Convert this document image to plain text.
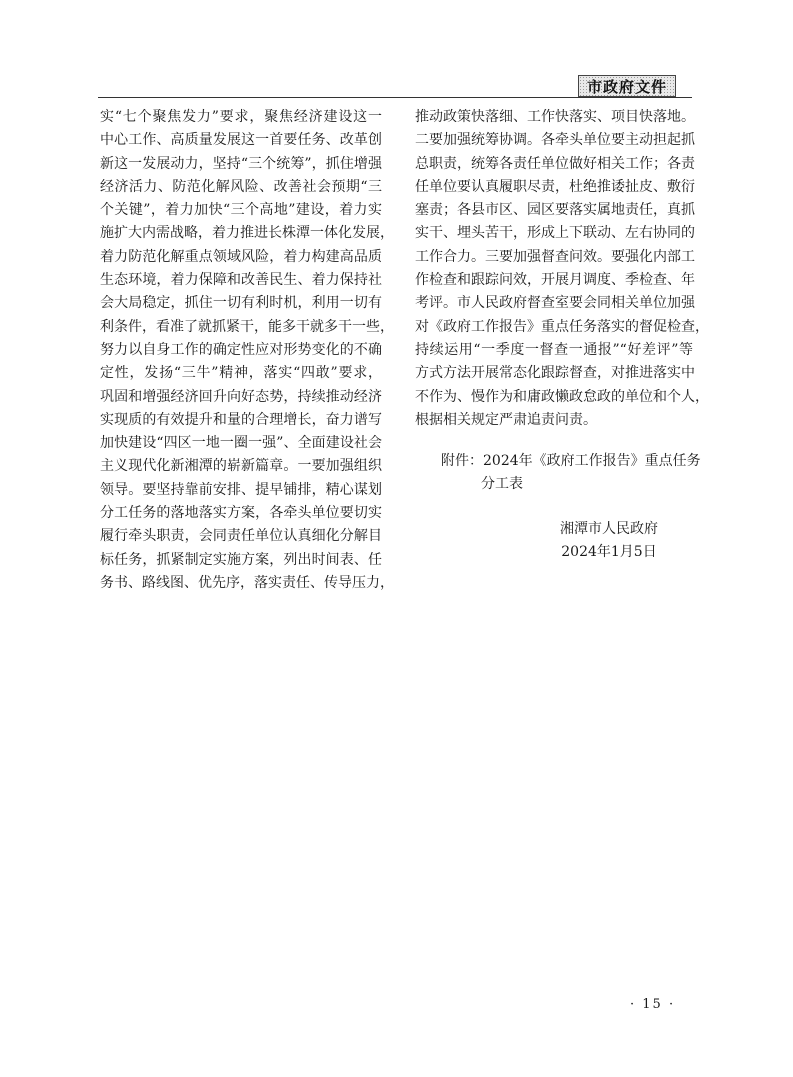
市政府文件
实“七个聚焦发力”要求，聚焦经济建设这一
中心工作、高质量发展这一首要任务、改革创
新这一发展动力，坚持“三个统筹”，抓住增强
经济活力、防范化解风险、改善社会预期“三
个关键”，着力加快“三个高地”建设，着力实
施扩大内需战略，着力推进长株潭一体化发展，
着力防范化解重点领域风险，着力构建高品质
生态环境，着力保障和改善民生、着力保持社
会大局稳定，抓住一切有利时机，利用一切有
利条件，看准了就抓紧干，能多干就多干一些，
努力以自身工作的确定性应对形势变化的不确
定性，发扬“三牛”精神，落实“四敢”要求，
巩固和增强经济回升向好态势，持续推动经济
实现质的有效提升和量的合理增长，奋力谱写
加快建设“四区一地一圈一强”、全面建设社会
主义现代化新湘潭的崭新篇章。一要加强组织
领导。要坚持靠前安排、提早铺排，精心谋划
分工任务的落地落实方案，各牵头单位要切实
履行牵头职责，会同责任单位认真细化分解目
标任务，抓紧制定实施方案，列出时间表、任
务书、路线图、优先序，落实责任、传导压力，
推动政策快落细、工作快落实、项目快落地。
二要加强统筹协调。各牵头单位要主动担起抓
总职责，统筹各责任单位做好相关工作；各责
任单位要认真履职尽责，杜绝推诿扯皮、敷衍
塞责；各县市区、园区要落实属地责任，真抓
实干、埋头苦干，形成上下联动、左右协同的
工作合力。三要加强督查问效。要强化内部工
作检查和跟踪问效，开展月调度、季检查、年
考评。市人民政府督查室要会同相关单位加强
对《政府工作报告》重点任务落实的督促检查，
持续运用“一季度一督查一通报”“好差评”等
方式方法开展常态化跟踪督查，对推进落实中
不作为、慢作为和庸政懒政怠政的单位和个人，
根据相关规定严肃追责问责。
附件：2024年《政府工作报告》重点任务
分工表
湘潭市人民政府
2024年1月5日
· 15 ·
